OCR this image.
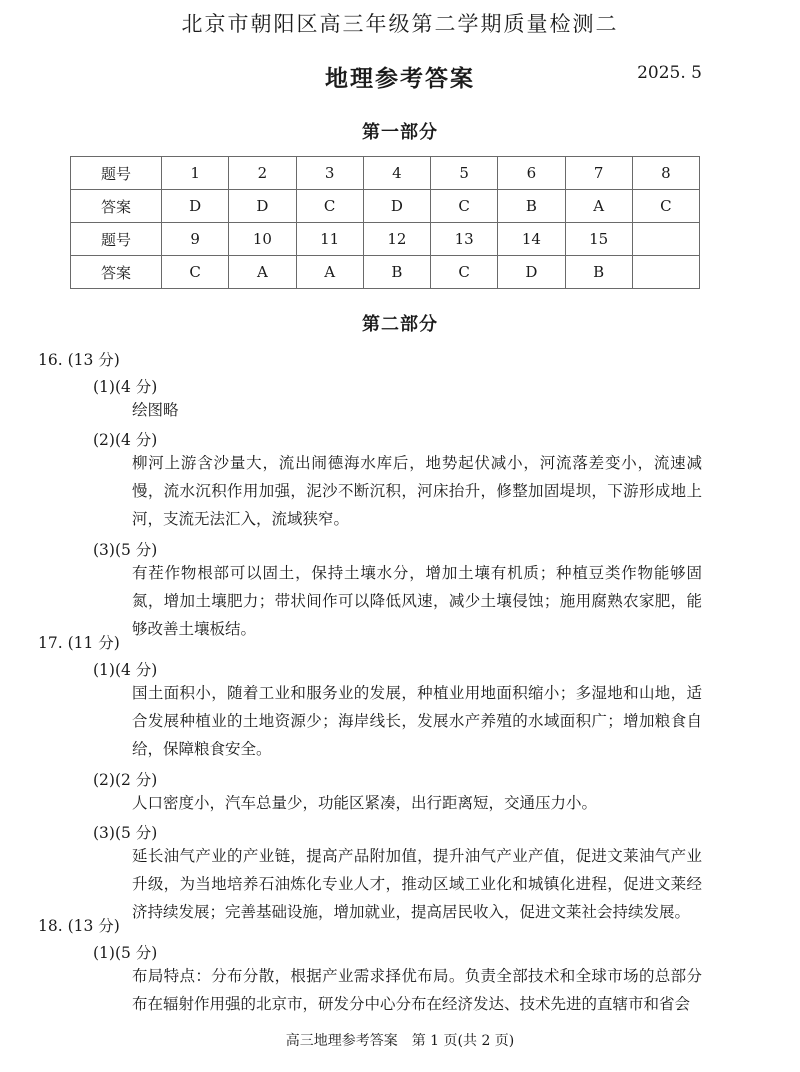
北京市朝阳区高三年级第二学期质量检测二
地理参考答案	2025. 5
第一部分
题号	1	2	3	4	5	6	7	8
答案	D	D	C	D	C	B	A	C
题号	9	10	11	12	13	14	15	
答案	C	A	A	B	C	D	B	
第二部分
16. (13 分)
(1)(4 分)
绘图略
(2)(4 分)
柳河上游含沙量大，流出闹德海水库后，地势起伏减小，河流落差变小，流速减慢，流水沉积作用加强，泥沙不断沉积，河床抬升，修整加固堤坝，下游形成地上河，支流无法汇入，流域狭窄。
(3)(5 分)
有茬作物根部可以固土，保持土壤水分，增加土壤有机质；种植豆类作物能够固氮，增加土壤肥力；带状间作可以降低风速，减少土壤侵蚀；施用腐熟农家肥，能够改善土壤板结。
17. (11 分)
(1)(4 分)
国土面积小，随着工业和服务业的发展，种植业用地面积缩小；多湿地和山地，适合发展种植业的土地资源少；海岸线长，发展水产养殖的水域面积广；增加粮食自给，保障粮食安全。
(2)(2 分)
人口密度小，汽车总量少，功能区紧凑，出行距离短，交通压力小。
(3)(5 分)
延长油气产业的产业链，提高产品附加值，提升油气产业产值，促进文莱油气产业升级，为当地培养石油炼化专业人才，推动区域工业化和城镇化进程，促进文莱经济持续发展；完善基础设施，增加就业，提高居民收入，促进文莱社会持续发展。
18. (13 分)
(1)(5 分)
布局特点：分布分散，根据产业需求择优布局。负责全部技术和全球市场的总部分布在辐射作用强的北京市，研发分中心分布在经济发达、技术先进的直辖市和省会
高三地理参考答案　第 1 页(共 2 页)
